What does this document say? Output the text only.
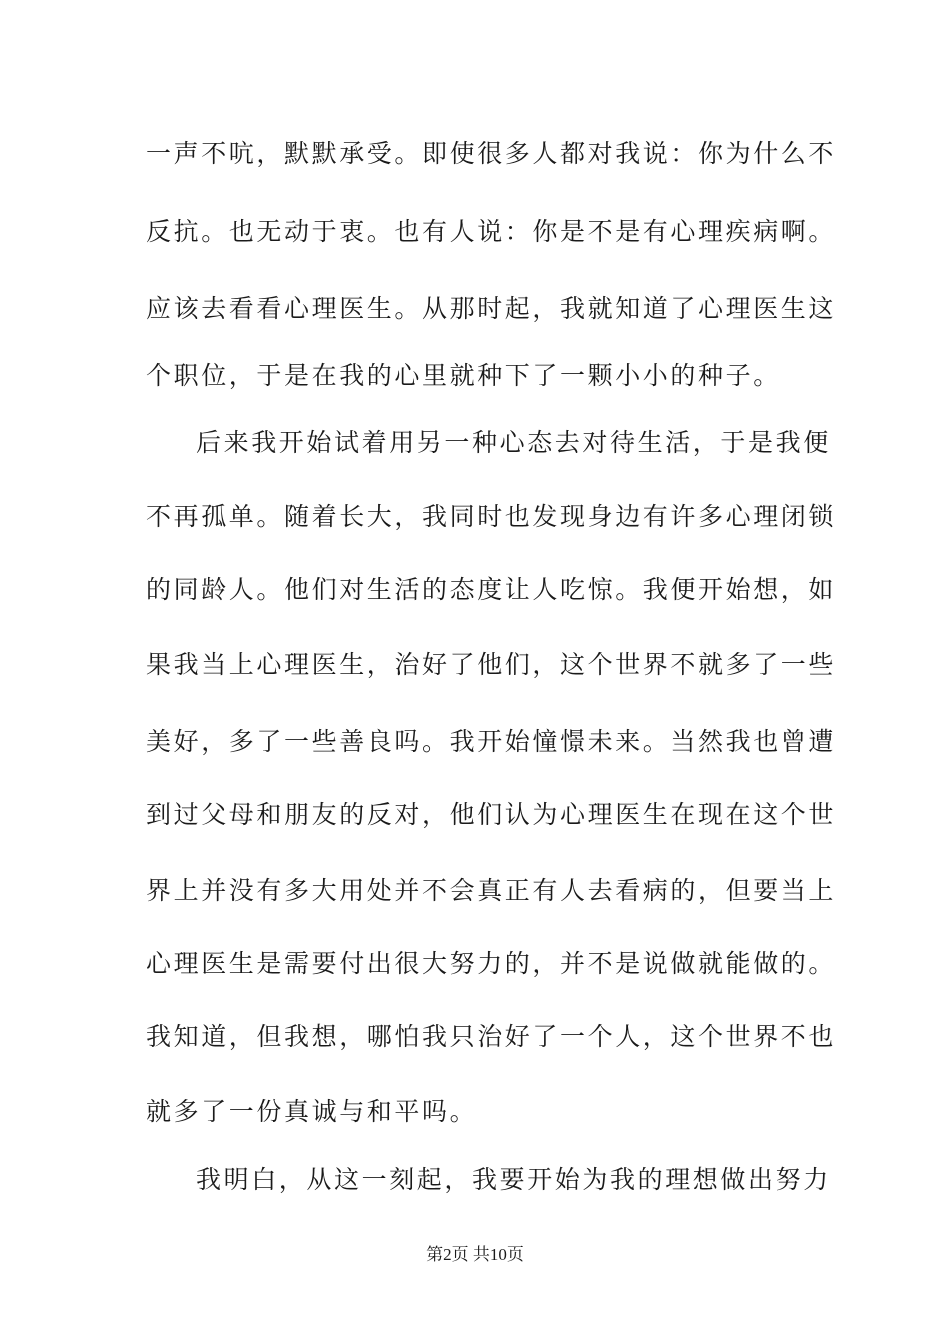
一声不吭，默默承受。即使很多人都对我说：你为什么不
反抗。也无动于衷。也有人说：你是不是有心理疾病啊。
应该去看看心理医生。从那时起，我就知道了心理医生这
个职位，于是在我的心里就种下了一颗小小的种子。
后来我开始试着用另一种心态去对待生活，于是我便
不再孤单。随着长大，我同时也发现身边有许多心理闭锁
的同龄人。他们对生活的态度让人吃惊。我便开始想，如
果我当上心理医生，治好了他们，这个世界不就多了一些
美好，多了一些善良吗。我开始憧憬未来。当然我也曾遭
到过父母和朋友的反对，他们认为心理医生在现在这个世
界上并没有多大用处并不会真正有人去看病的，但要当上
心理医生是需要付出很大努力的，并不是说做就能做的。
我知道，但我想，哪怕我只治好了一个人，这个世界不也
就多了一份真诚与和平吗。
我明白，从这一刻起，我要开始为我的理想做出努力
第2页 共10页
